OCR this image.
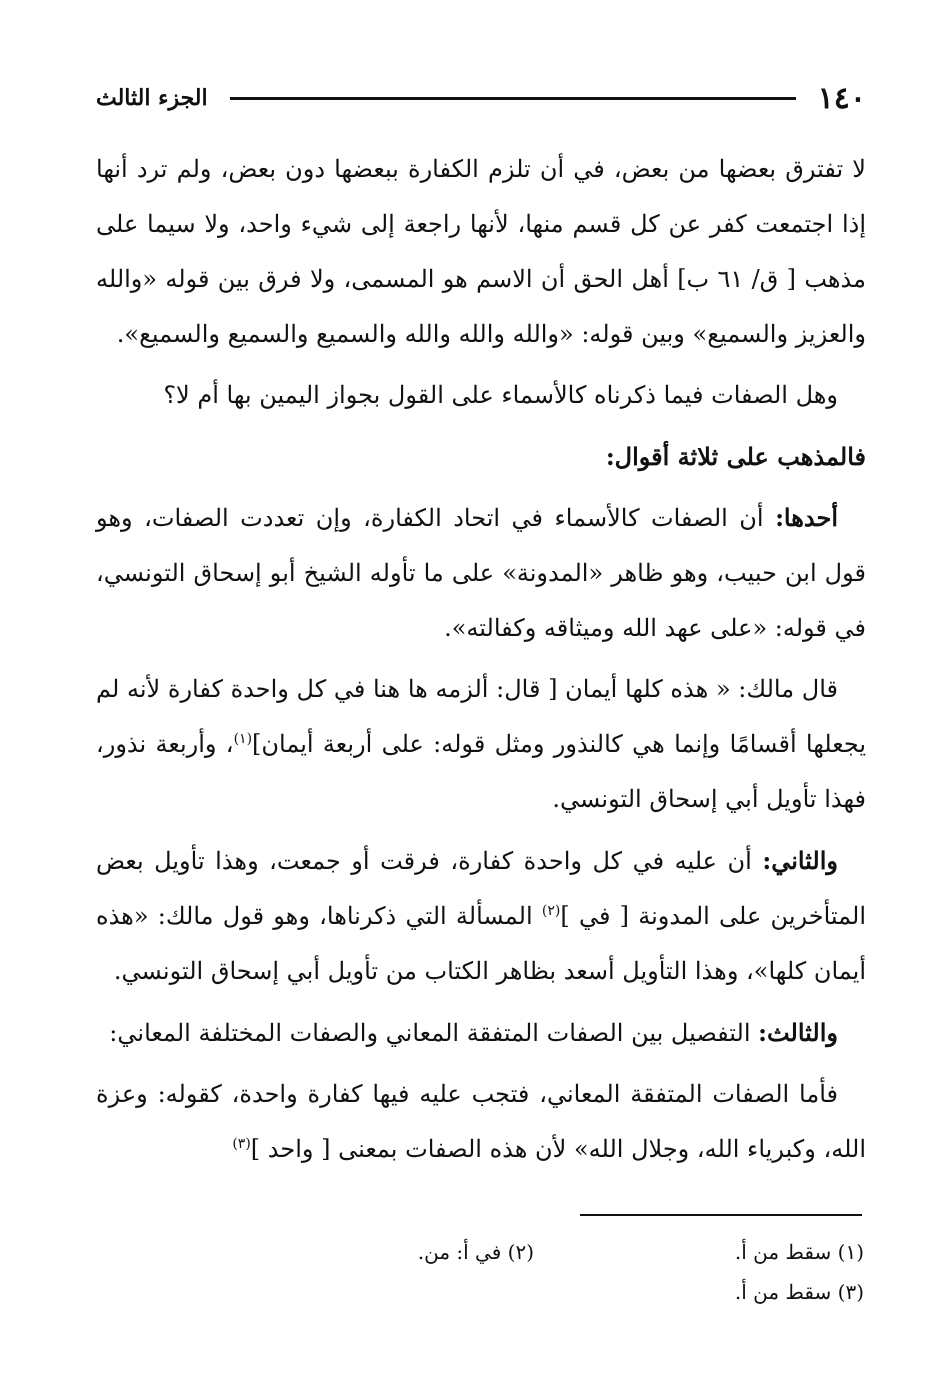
١٤٠
الجزء الثالث

لا تفترق بعضها من بعض، في أن تلزم الكفارة ببعضها دون بعض، ولم ترد أنها إذا اجتمعت كفر عن كل قسم منها، لأنها راجعة إلى شيء واحد، ولا سيما على مذهب [ ق/ ٦١ ب] أهل الحق أن الاسم هو المسمى، ولا فرق بين قوله «والله والعزيز والسميع» وبين قوله: «والله والله والله والسميع والسميع والسميع».

وهل الصفات فيما ذكرناه كالأسماء على القول بجواز اليمين بها أم لا؟

فالمذهب على ثلاثة أقوال:

أحدها: أن الصفات كالأسماء في اتحاد الكفارة، وإن تعددت الصفات، وهو قول ابن حبيب، وهو ظاهر «المدونة» على ما تأوله الشيخ أبو إسحاق التونسي، في قوله: «على عهد الله وميثاقه وكفالته».

قال مالك: « هذه كلها أيمان [ قال: ألزمه ها هنا في كل واحدة كفارة لأنه لم يجعلها أقسامًا وإنما هي كالنذور ومثل قوله: على أربعة أيمان]$^{(١)}$، وأربعة نذور، فهذا تأويل أبي إسحاق التونسي.

والثاني: أن عليه في كل واحدة كفارة، فرقت أو جمعت، وهذا تأويل بعض المتأخرين على المدونة [ في ]$^{(٢)}$ المسألة التي ذكرناها، وهو قول مالك: «هذه أيمان كلها»، وهذا التأويل أسعد بظاهر الكتاب من تأويل أبي إسحاق التونسي.

والثالث: التفصيل بين الصفات المتفقة المعاني والصفات المختلفة المعاني:

فأما الصفات المتفقة المعاني، فتجب عليه فيها كفارة واحدة، كقوله: وعزة الله، وكبرياء الله، وجلال الله» لأن هذه الصفات بمعنى [ واحد ]$^{(٣)}$

(١) سقط من أ.
(٢) في أ: من.
(٣) سقط من أ.
